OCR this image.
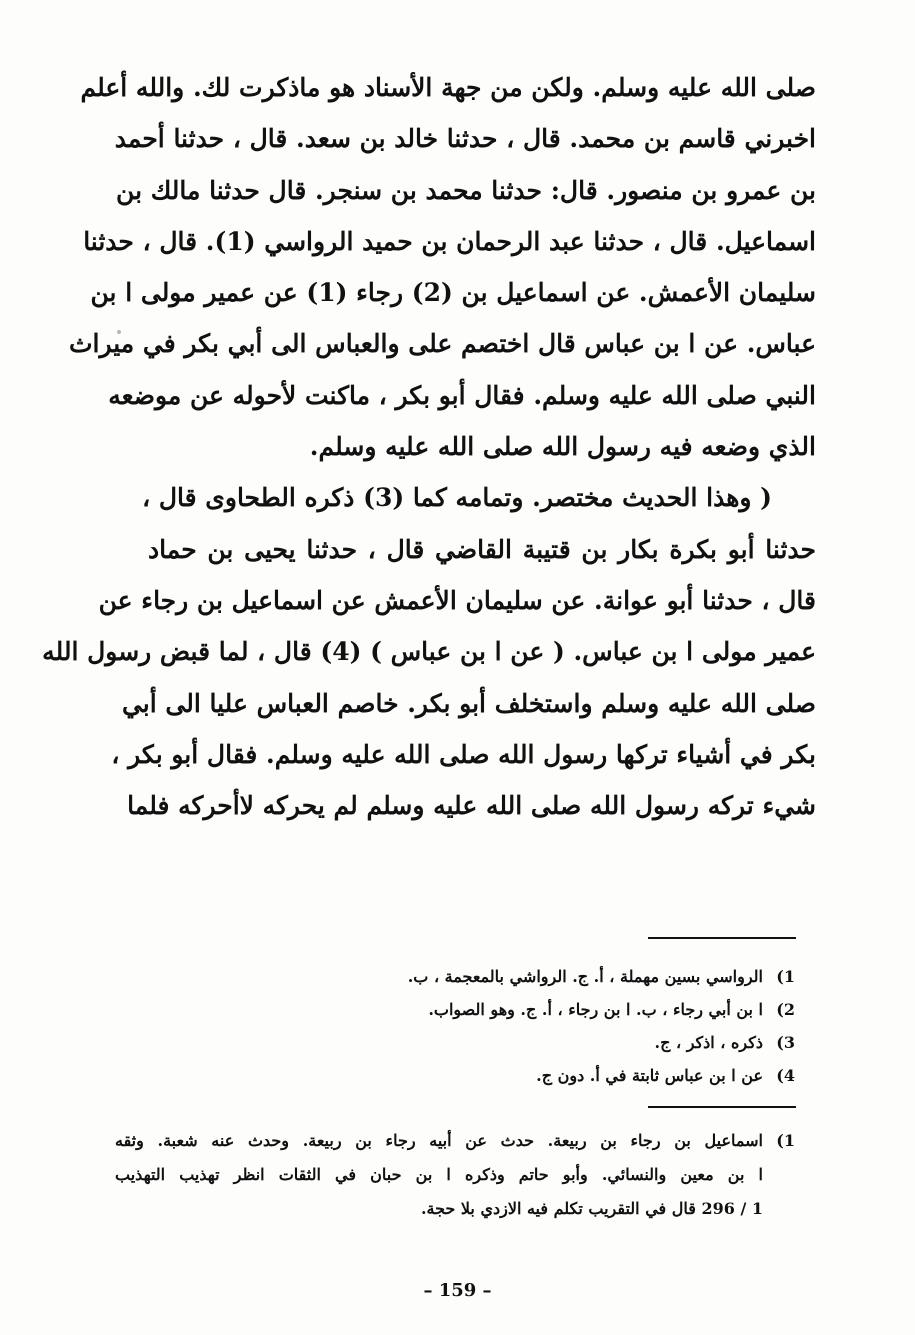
صلى الله عليه وسلم. ولكن من جهة الأسناد هو ماذكرت لك. والله أعلم
اخبرني قاسم بن محمد. قال ، حدثنا خالد بن سعد. قال ، حدثنا أحمد
بن عمرو بن منصور. قال: حدثنا محمد بن سنجر. قال حدثنا مالك بن
اسماعيل. قال ، حدثنا عبد الرحمان بن حميد الرواسي (1). قال ، حدثنا
سليمان الأعمش. عن اسماعيل بن (2) رجاء (1) عن عمير مولى ا بن
عباس. عن ا بن عباس قال اختصم على والعباس الى أبي بكر في ميراث
النبي صلى الله عليه وسلم. فقال أبو بكر ، ماكنت لأحوله عن موضعه
الذي وضعه فيه رسول الله صلى الله عليه وسلم.
( وهذا الحديث مختصر. وتمامه كما (3) ذكره الطحاوى قال ،
حدثنا أبو بكرة بكار بن قتيبة القاضي قال ، حدثنا يحيى بن حماد
قال ، حدثنا أبو عوانة. عن سليمان الأعمش عن اسماعيل بن رجاء عن
عمير مولى ا بن عباس. ( عن ا بن عباس ) (4) قال ، لما قبض رسول الله
صلى الله عليه وسلم واستخلف أبو بكر. خاصم العباس عليا الى أبي
بكر في أشياء تركها رسول الله صلى الله عليه وسلم. فقال أبو بكر ،
شيء تركه رسول الله صلى الله عليه وسلم لم يحركه لاأحركه فلما
1)
الرواسي بسين مهملة ، أ. ج. الرواشي بالمعجمة ، ب.
2)
ا بن أبي رجاء ، ب. ا بن رجاء ، أ. ج. وهو الصواب.
3)
ذكره ، اذكر ، ج.
4)
عن ا بن عباس ثابتة في أ. دون ج.
1)
اسماعيل بن رجاء بن ربيعة. حدث عن أبيه رجاء بن ربيعة. وحدث عنه شعبة. وثقه
ا بن معين والنسائي. وأبو حاتم وذكره ا بن حبان في الثقات انظر تهذيب التهذيب
1 / 296 قال في التقريب تكلم فيه الازدي بلا حجة.
– 159 –
